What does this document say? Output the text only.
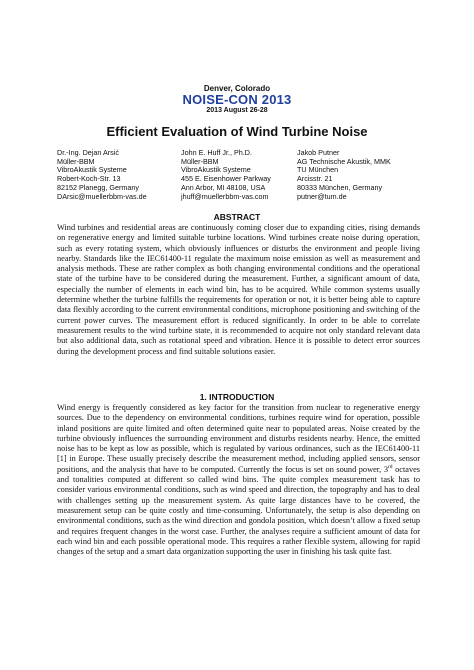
Denver, Colorado
NOISE-CON 2013
2013 August 26-28
Efficient Evaluation of Wind Turbine Noise
Dr.-Ing. Dejan Arsić
Müller-BBM
VibroAkustik Systeme
Robert-Koch-Str. 13
82152 Planegg, Germany
DArsic@muellerbbm-vas.de
John E. Huff Jr., Ph.D.
Müller-BBM
VibroAkustik Systeme
455 E. Eisenhower Parkway
Ann Arbor, MI 48108, USA
jhuff@muellerbbm-vas.com
Jakob Putner
AG Technische Akustik, MMK
TU München
Arcisstr. 21
80333 München, Germany
putner@tum.de
ABSTRACT
Wind turbines and residential areas are continuously coming closer due to expanding cities, rising demands on regenerative energy and limited suitable turbine locations. Wind turbines create noise during operation, such as every rotating system, which obviously influences or disturbs the environment and people living nearby. Standards like the IEC61400-11 regulate the maximum noise emission as well as measurement and analysis methods. These are rather complex as both changing environmental conditions and the operational state of the turbine have to be considered during the measurement. Further, a significant amount of data, especially the number of elements in each wind bin, has to be acquired. While common systems usually determine whether the turbine fulfills the requirements for operation or not, it is better being able to capture data flexibly according to the current environmental conditions, microphone positioning and switching of the current power curves. The measurement effort is reduced significantly. In order to be able to correlate measurement results to the wind turbine state, it is recommended to acquire not only standard relevant data but also additional data, such as rotational speed and vibration. Hence it is possible to detect error sources during the development process and find suitable solutions easier.
1. INTRODUCTION
Wind energy is frequently considered as key factor for the transition from nuclear to regenerative energy sources. Due to the dependency on environmental conditions, turbines require wind for operation, possible inland positions are quite limited and often determined quite near to populated areas. Noise created by the turbine obviously influences the surrounding environment and disturbs residents nearby. Hence, the emitted noise has to be kept as low as possible, which is regulated by various ordinances, such as the IEC61400-11 [1] in Europe. These usually precisely describe the measurement method, including applied sensors, sensor positions, and the analysis that have to be computed. Currently the focus is set on sound power, 3rd octaves and tonalities computed at different so called wind bins. The quite complex measurement task has to consider various environmental conditions, such as wind speed and direction, the topography and has to deal with challenges setting up the measurement system. As quite large distances have to be covered, the measurement setup can be quite costly and time-consuming. Unfortunately, the setup is also depending on environmental conditions, such as the wind direction and gondola position, which doesn’t allow a fixed setup and requires frequent changes in the worst case. Further, the analyses require a sufficient amount of data for each wind bin and each possible operational mode. This requires a rather flexible system, allowing for rapid changes of the setup and a smart data organization supporting the user in finishing his task quite fast.
